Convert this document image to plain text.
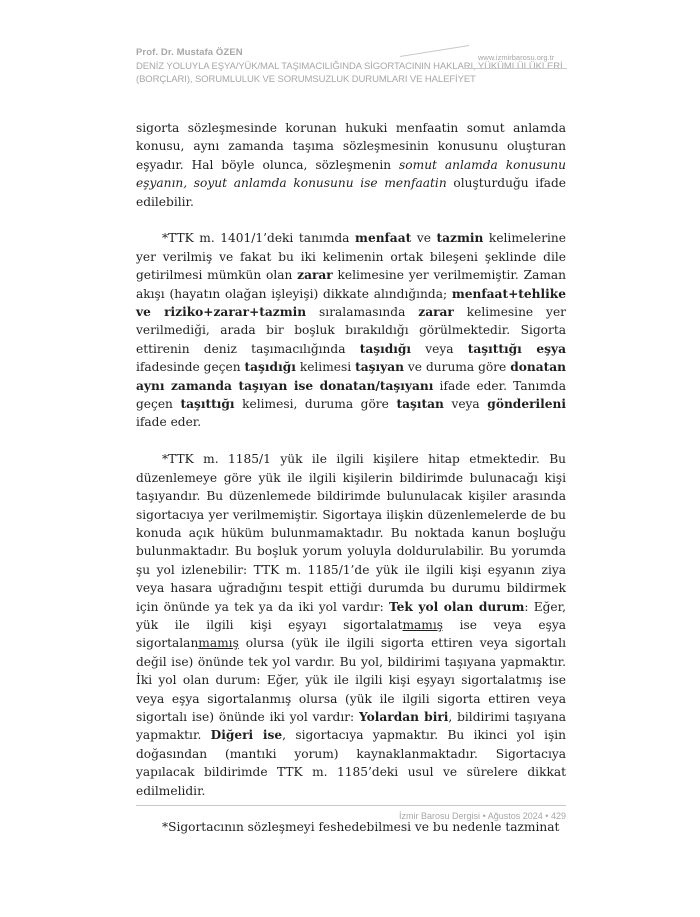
Prof. Dr. Mustafa ÖZEN
DENİZ YOLUYLA EŞYA/YÜK/MAL TAŞIMACILIĞINDA SİGORTACININ HAKLARI, YÜKÜMLÜLÜKLERİ (BORÇLARI), SORUMLULUK VE SORUMSUZLUK DURUMLARI VE HALEFİYET
www.izmirbarosu.org.tr

sigorta sözleşmesinde korunan hukuki menfaatin somut anlamda konusu, aynı zamanda taşıma sözleşmesinin konusunu oluşturan eşyadır. Hal böyle olunca, sözleşmenin somut anlamda konusunu eşyanın, soyut anlamda konusunu ise menfaatin oluşturduğu ifade edilebilir.

*TTK m. 1401/1’deki tanımda menfaat ve tazmin kelimelerine yer verilmiş ve fakat bu iki kelimenin ortak bileşeni şeklinde dile getirilmesi mümkün olan zarar kelimesine yer verilmemiştir. Zaman akışı (hayatın olağan işleyişi) dikkate alındığında; menfaat+tehlike ve riziko+zarar+tazmin sıralamasında zarar kelimesine yer verilmediği, arada bir boşluk bırakıldığı görülmektedir. Sigorta ettirenin deniz taşımacılığında taşıdığı veya taşıttığı eşya ifadesinde geçen taşıdığı kelimesi taşıyan ve duruma göre donatan aynı zamanda taşıyan ise donatan/taşıyanı ifade eder. Tanımda geçen taşıttığı kelimesi, duruma göre taşıtan veya gönderileni ifade eder.

*TTK m. 1185/1 yük ile ilgili kişilere hitap etmektedir. Bu düzenlemeye göre yük ile ilgili kişilerin bildirimde bulunacağı kişi taşıyandır. Bu düzenlemede bildirimde bulunulacak kişiler arasında sigortacıya yer verilmemiştir. Sigortaya ilişkin düzenlemelerde de bu konuda açık hüküm bulunmamaktadır. Bu noktada kanun boşluğu bulunmaktadır. Bu boşluk yorum yoluyla doldurulabilir. Bu yorumda şu yol izlenebilir: TTK m. 1185/1’de yük ile ilgili kişi eşyanın ziya veya hasara uğradığını tespit ettiği durumda bu durumu bildirmek için önünde ya tek ya da iki yol vardır: Tek yol olan durum: Eğer, yük ile ilgili kişi eşyayı sigortalatmamış ise veya eşya sigortalanmamış olursa (yük ile ilgili sigorta ettiren veya sigortalı değil ise) önünde tek yol vardır. Bu yol, bildirimi taşıyana yapmaktır. İki yol olan durum: Eğer, yük ile ilgili kişi eşyayı sigortalatmış ise veya eşya sigortalanmış olursa (yük ile ilgili sigorta ettiren veya sigortalı ise) önünde iki yol vardır: Yolardan biri, bildirimi taşıyana yapmaktır. Diğeri ise, sigortacıya yapmaktır. Bu ikinci yol işin doğasından (mantıki yorum) kaynaklanmaktadır. Sigortacıya yapılacak bildirimde TTK m. 1185’deki usul ve sürelere dikkat edilmelidir.

*Sigortacının sözleşmeyi feshedebilmesi ve bu nedenle tazminat

İzmir Barosu Dergisi • Ağustos 2024 • 429
